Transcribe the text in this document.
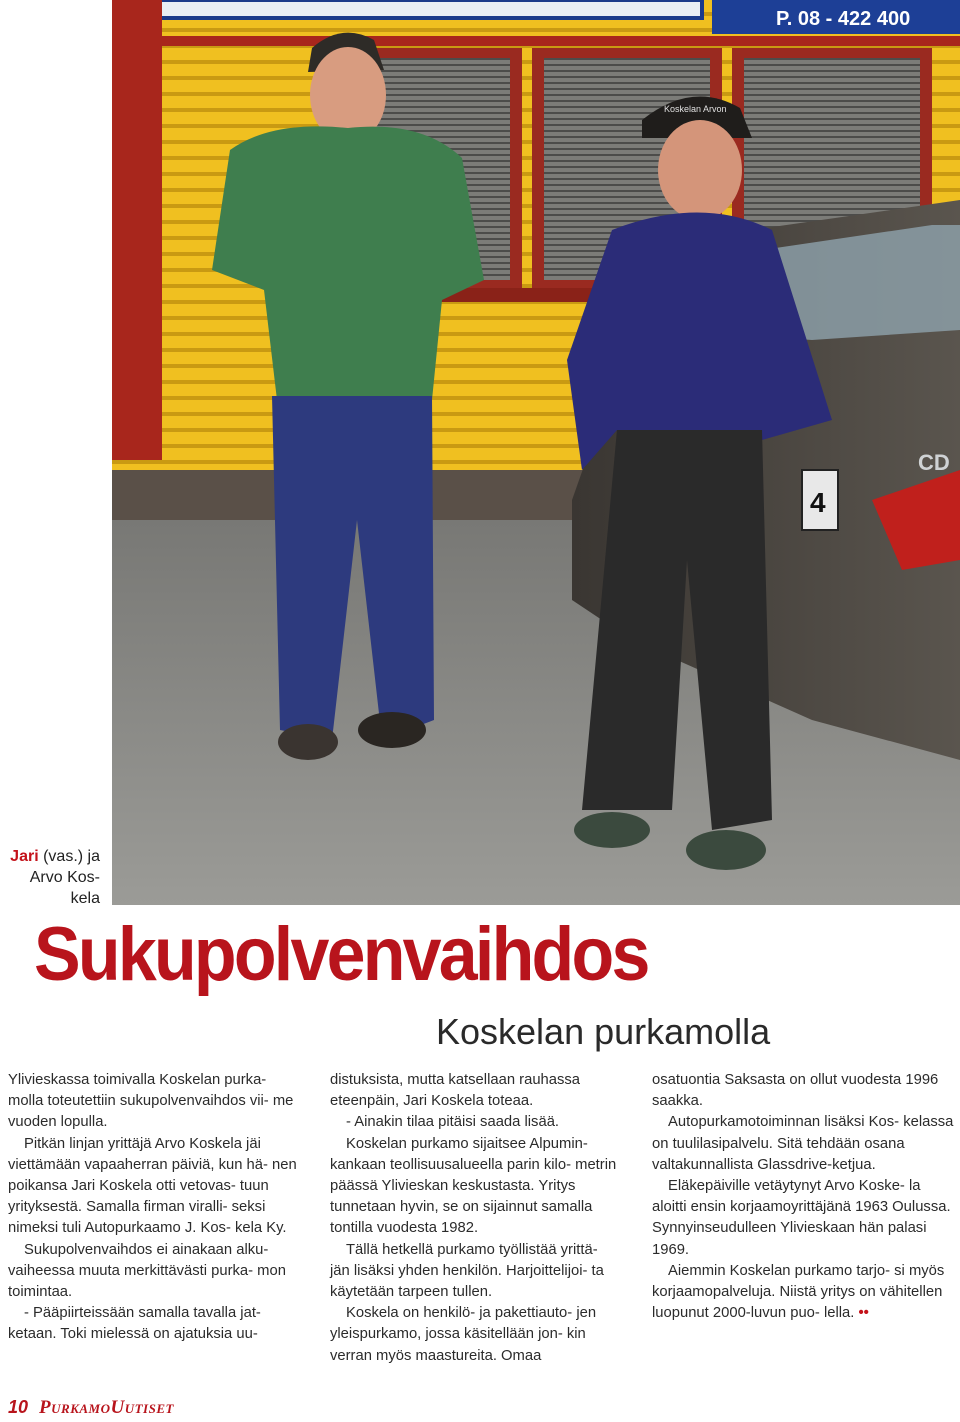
P. 08 - 422 400
4
CD
Koskelan Arvon
Jari (vas.) ja Arvo Kos- kela
Sukupolvenvaihdos
Koskelan purkamolla

Ylivieskassa toimivalla Koskelan purka- molla toteutettiin sukupolvenvaihdos vii- me vuoden lopulla.

Pitkän linjan yrittäjä Arvo Koskela jäi viettämään vapaaherran päiviä, kun hä- nen poikansa Jari Koskela otti vetovas- tuun yrityksestä. Samalla firman viralli- seksi nimeksi tuli Autopurkaamo J. Kos- kela Ky.

Sukupolvenvaihdos ei ainakaan alku- vaiheessa muuta merkittävästi purka- mon toimintaa.

- Pääpiirteissään samalla tavalla jat- ketaan. Toki mielessä on ajatuksia uu-

distuksista, mutta katsellaan rauhassa eteenpäin, Jari Koskela toteaa.

- Ainakin tilaa pitäisi saada lisää.

Koskelan purkamo sijaitsee Alpumin- kankaan teollisuusalueella parin kilo- metrin päässä Ylivieskan keskustasta. Yritys tunnetaan hyvin, se on sijainnut samalla tontilla vuodesta 1982.

Tällä hetkellä purkamo työllistää yrittä- jän lisäksi yhden henkilön. Harjoittelijoi- ta käytetään tarpeen tullen.

Koskela on henkilö- ja pakettiauto- jen yleispurkamo, jossa käsitellään jon- kin verran myös maastureita. Omaa

osatuontia Saksasta on ollut vuodesta 1996 saakka.

Autopurkamotoiminnan lisäksi Kos- kelassa on tuulilasipalvelu. Sitä tehdään osana valtakunnallista Glassdrive-ketjua.

Eläkepäiville vetäytynyt Arvo Koske- la aloitti ensin korjaamoyrittäjänä 1963 Oulussa. Synnyinseudulleen Ylivieskaan hän palasi 1969.

Aiemmin Koskelan purkamo tarjo- si myös korjaamopalveluja. Niistä yritys on vähitellen luopunut 2000-luvun puo- lella. ••

10 PurkamoUutiset
